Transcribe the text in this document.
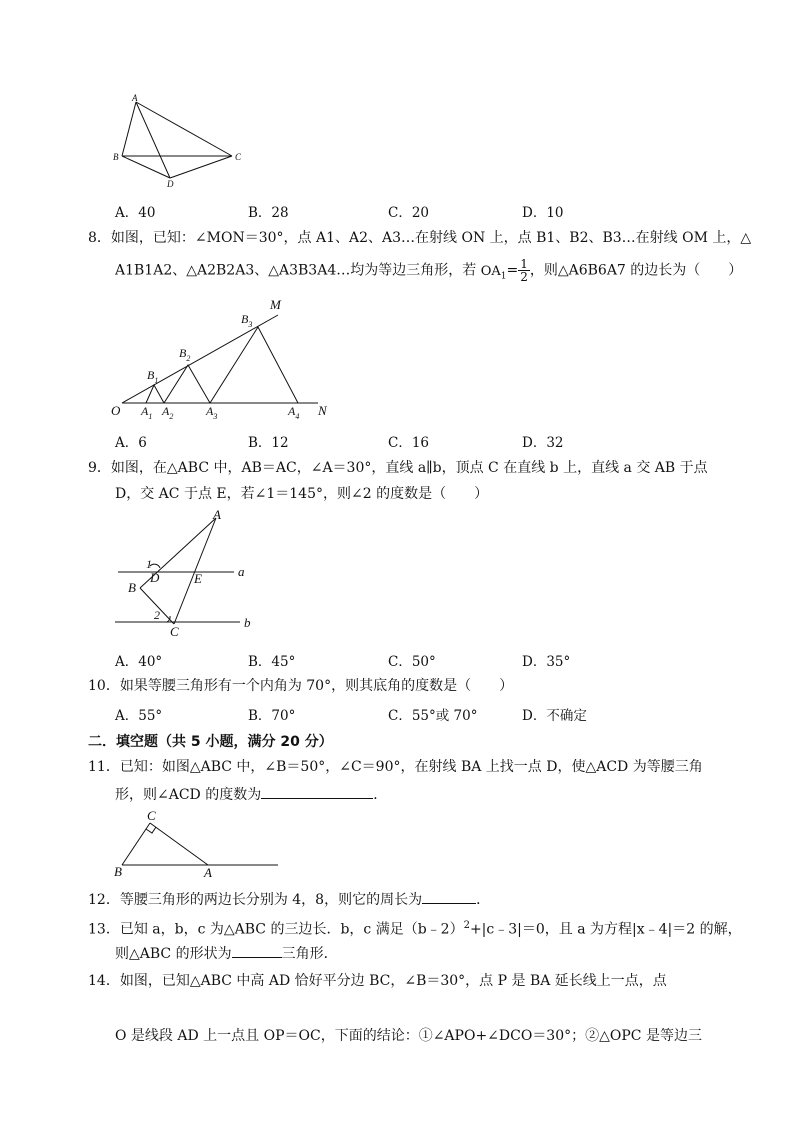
A
B	C
D
A．40	B．28	C．20	D．10
8．如图，已知：∠MON＝30°，点 A1、A2、A3…在射线 ON 上，点 B1、B2、B3…在射线 OM 上，△
A1B1A2、△A2B2A3、△A3B3A4…均为等边三角形，若 $OA_1= \frac{1}{2}$ ，则△A6B6A7 的边长为（　　）
O	N
M
$A_1$ $A_2$	$A_3$	$A_4$
$B_1$
$B_2$
$B_3$
A．6	B．12	C．16	D．32
9．如图，在△ABC 中，AB＝AC，∠A＝30°，直线 a∥b，顶点 C 在直线 b 上，直线 a 交 AB 于点
D，交 AC 于点 E，若∠1＝145°，则∠2 的度数是（　　）
A
B
C
D	E
1
2
a
b
A．40°	B．45°	C．50°	D．35°
10．如果等腰三角形有一个内角为 70°，则其底角的度数是（　　）
A．55°	B．70°	C．55°或 70°	D．不确定
二．填空题（共 5 小题，满分 20 分）
11．已知：如图△ABC 中，∠B＝50°，∠C＝90°，在射线 BA 上找一点 D，使△ACD 为等腰三角
形，则∠ACD 的度数为	．
C
B	A
12．等腰三角形的两边长分别为 4，8，则它的周长为	．
13．已知 a，b，c 为△ABC 的三边长．b，c 满足（b﹣2）$^2$+|c﹣3|＝0，且 a 为方程|x﹣4|＝2 的解，
则△ABC 的形状为	三角形．
14．如图，已知△ABC 中高 AD 恰好平分边 BC，∠B＝30°，点 P 是 BA 延长线上一点，点
O 是线段 AD 上一点且 OP＝OC，下面的结论：①∠APO+∠DCO＝30°；②△OPC 是等边三
